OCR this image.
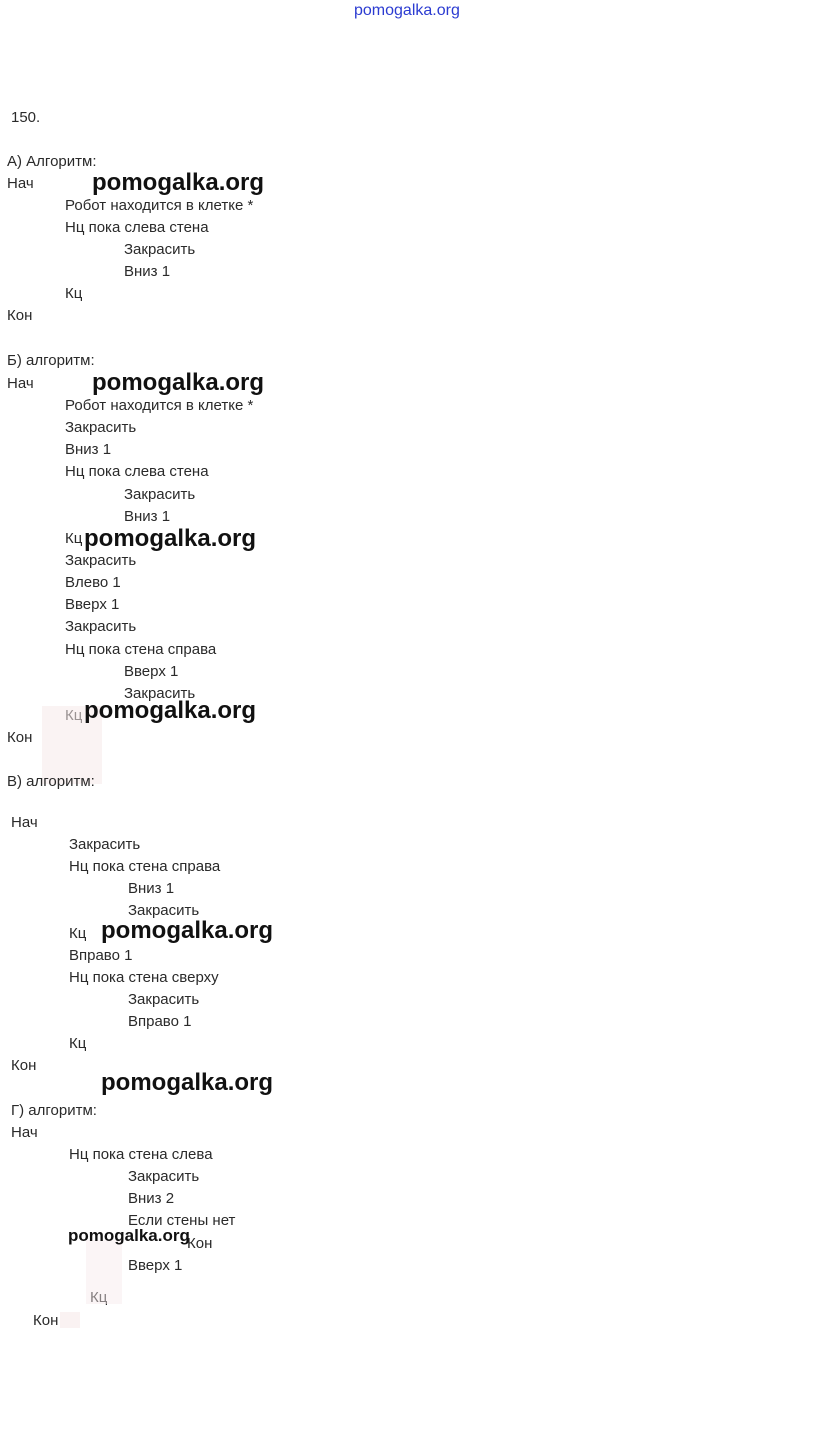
pomogalka.org
150.
А) Алгоритм:
Нач
Робот находится в клетке *
Нц пока слева стена
Закрасить
Вниз 1
Кц
Кон
pomogalka.org
Б) алгоритм:
Нач
Робот находится в клетке *
Закрасить
Вниз 1
Нц пока слева стена
Закрасить
Вниз 1
Кц
Закрасить
Влево 1
Вверх 1
Закрасить
Нц пока стена справа
Вверх 1
Закрасить
Кон
pomogalka.org
pomogalka.org
pomogalka.org
В) алгоритм:
Нач
Закрасить
Нц пока стена справа
Вниз 1
Закрасить
Кц
Вправо 1
Нц пока стена сверху
Закрасить
Вправо 1
Кц
Кон
pomogalka.org
pomogalka.org
Г) алгоритм:
Нач
Нц пока стена слева
Закрасить
Вниз 2
Если стены нет
Кон
Вверх 1
Кц
Кон
pomogalka.org
